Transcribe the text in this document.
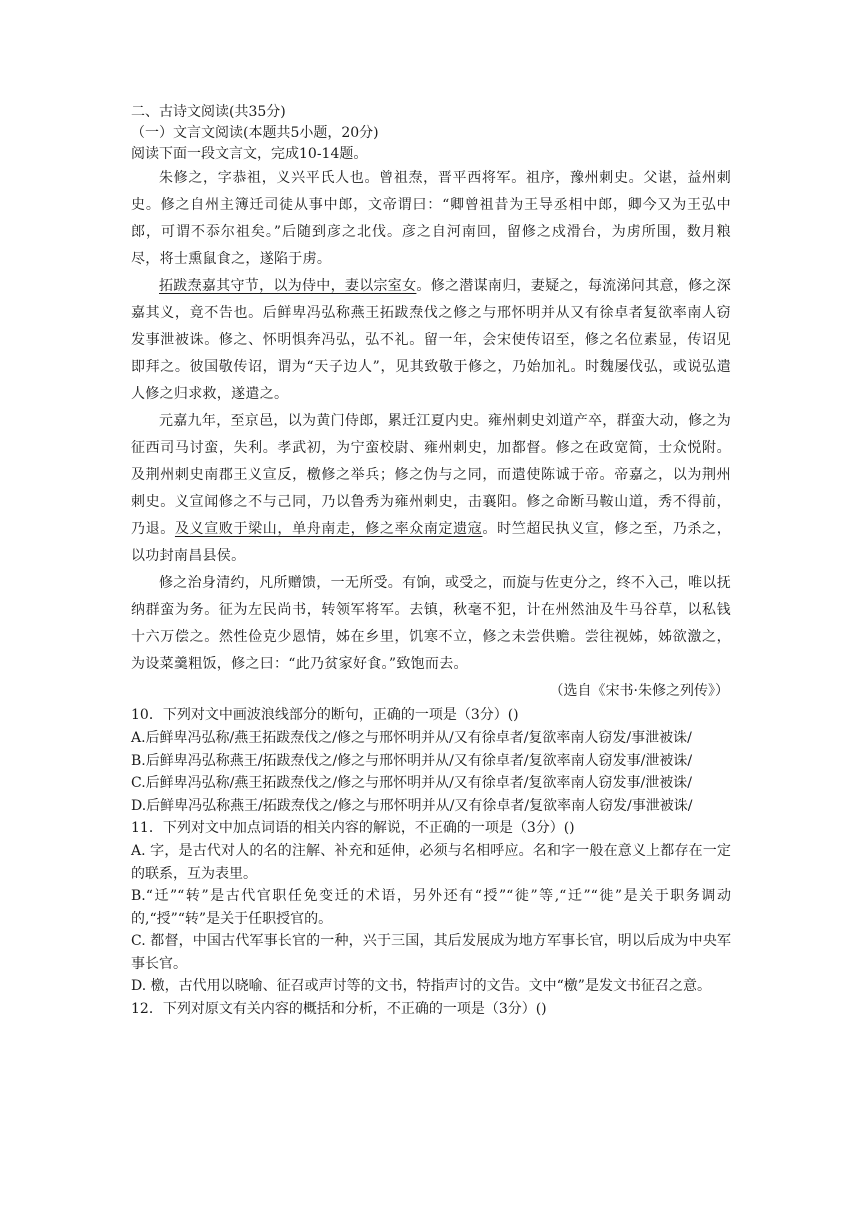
二、古诗文阅读(共35分)

（一）文言文阅读(本题共5小题，20分)

阅读下面一段文言文，完成10-14题。

朱修之，字恭祖，义兴平氏人也。曾祖焘，晋平西将军。祖序，豫州刺史。父谌，益州刺史。修之自州主簿迁司徒从事中郎，文帝谓曰：“卿曾祖昔为王导丞相中郎，卿今又为王弘中郎，可谓不忝尔祖矣。”后随到彦之北伐。彦之自河南回，留修之戍滑台，为虏所围，数月粮尽，将士熏鼠食之，遂陷于虏。

拓跋焘嘉其守节，以为侍中，妻以宗室女。修之潜谋南归，妻疑之，每流涕问其意，修之深嘉其义，竟不告也。后鲜卑冯弘称燕王拓跋焘伐之修之与邢怀明并从又有徐卓者复欲率南人窃发事泄被诛。修之、怀明惧奔冯弘，弘不礼。留一年，会宋使传诏至，修之名位素显，传诏见即拜之。彼国敬传诏，谓为“天子边人”，见其致敬于修之，乃始加礼。时魏屡伐弘，或说弘遣人修之归求救，遂遣之。

元嘉九年，至京邑，以为黄门侍郎，累迁江夏内史。雍州刺史刘道产卒，群蛮大动，修之为征西司马讨蛮，失利。孝武初，为宁蛮校尉、雍州刺史，加都督。修之在政宽简，士众悦附。及荆州刺史南郡王义宣反，檄修之举兵；修之伪与之同，而遣使陈诚于帝。帝嘉之，以为荆州刺史。义宣闻修之不与己同，乃以鲁秀为雍州刺史，击襄阳。修之命断马鞍山道，秀不得前，乃退。及义宣败于梁山，单舟南走，修之率众南定遗寇。时竺超民执义宣，修之至，乃杀之，以功封南昌县侯。

修之治身清约，凡所赠馈，一无所受。有饷，或受之，而旋与佐吏分之，终不入己，唯以抚纳群蛮为务。征为左民尚书，转领军将军。去镇，秋毫不犯，计在州然油及牛马谷草，以私钱十六万偿之。然性俭克少恩情，姊在乡里，饥寒不立，修之未尝供赡。尝往视姊，姊欲激之，为设菜羹粗饭，修之曰：“此乃贫家好食。”致饱而去。

（选自《宋书·朱修之列传》）

10．下列对文中画波浪线部分的断句，正确的一项是（3分）()

A.后鲜卑冯弘称/燕王拓跋焘伐之/修之与邢怀明并从/又有徐卓者/复欲率南人窃发/事泄被诛/

B.后鲜卑冯弘称燕王/拓跋焘伐之/修之与邢怀明并从/又有徐卓者/复欲率南人窃发事/泄被诛/

C.后鲜卑冯弘称/燕王拓跋焘伐之/修之与邢怀明并从/又有徐卓者/复欲率南人窃发事/泄被诛/

D.后鲜卑冯弘称燕王/拓跋焘伐之/修之与邢怀明并从/又有徐卓者/复欲率南人窃发/事泄被诛/

11．下列对文中加点词语的相关内容的解说，不正确的一项是（3分）()

A. 字，是古代对人的名的注解、补充和延伸，必须与名相呼应。名和字一般在意义上都存在一定的联系，互为表里。

B.“迁”“转”是古代官职任免变迁的术语，另外还有“授”“徙”等,“迁”“徙”是关于职务调动的,“授”“转”是关于任职授官的。

C. 都督，中国古代军事长官的一种，兴于三国，其后发展成为地方军事长官，明以后成为中央军事长官。

D. 檄，古代用以晓喻、征召或声讨等的文书，特指声讨的文告。文中“檄”是发文书征召之意。

12．下列对原文有关内容的概括和分析，不正确的一项是（3分）()
